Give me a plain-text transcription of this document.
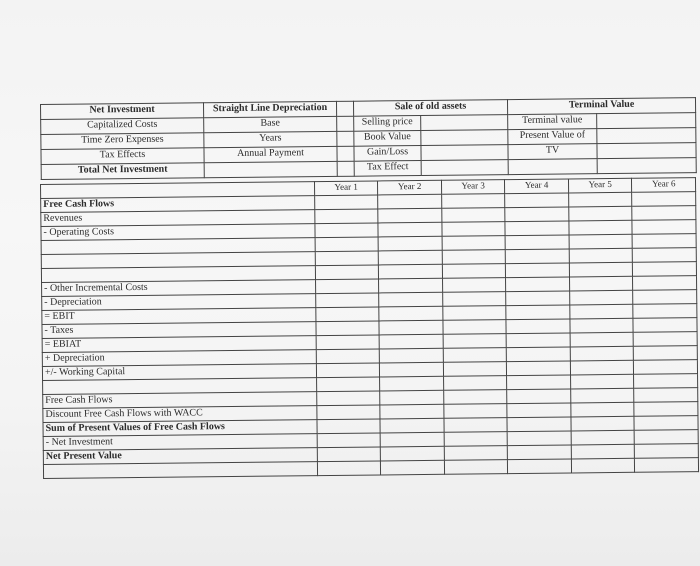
Net Investment	Straight Line Depreciation		Sale of old assets		Terminal Value	
Capitalized Costs	Base		Selling price		Terminal value	
Time Zero Expenses	Years		Book Value		Present Value of	
Tax Effects	Annual Payment		Gain/Loss		TV	
Total Net Investment			Tax Effect			
	Year 1	Year 2	Year 3	Year 4	Year 5	Year 6
Free Cash Flows						
Revenues						
- Operating Costs						

- Other Incremental Costs						
- Depreciation						
= EBIT						
- Taxes						
= EBIAT						
+ Depreciation						
+/- Working Capital						

Free Cash Flows						
Discount Free Cash Flows with WACC						
Sum of Present Values of Free Cash Flows						
- Net Investment						
Net Present Value						
